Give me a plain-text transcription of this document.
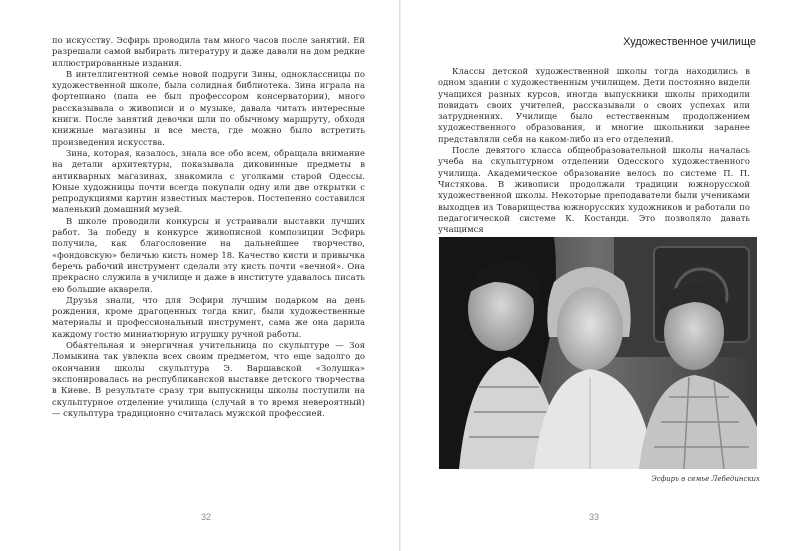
по искусству. Эсфирь проводила там много часов после занятий. Ей разрешали самой выбирать литературу и даже давали на дом редкие иллюстрированные издания.

В интеллигентной семье новой подруги Зины, одноклассницы по художественной школе, была солидная библиотека. Зина играла на фортепиано (папа ее был профессором консерватории), много рассказывала о живописи и о музыке, давала читать интересные книги. После занятий девочки шли по обычному маршруту, обходя книжные магазины и все места, где можно было встретить произведения искусства.

Зина, которая, казалось, знала все обо всем, обращала внимание на детали архитектуры, показывала диковинные предметы в антикварных магазинах, знакомила с уголками старой Одессы. Юные художницы почти всегда покупали одну или две открытки с репродукциями картин известных мастеров. Постепенно составился маленький домашний музей.

В школе проводили конкурсы и устраивали выставки лучших работ. За победу в конкурсе живописной композиции Эсфирь получила, как благословение на дальнейшее творчество, «фондовскую» беличью кисть номер 18. Качество кисти и привычка беречь рабочий инструмент сделали эту кисть почти «вечной». Она прекрасно служила в училище и даже в институте удавалось писать ею большие акварели.

Друзья знали, что для Эсфири лучшим подарком на день рождения, кроме драгоценных тогда книг, были художественные материалы и профессиональный инструмент, сама же она дарила каждому гостю миниатюрную игрушку ручной работы.

Обаятельная и энергичная учительница по скульптуре — Зоя Ломыкина так увлекла всех своим предметом, что еще задолго до окончания школы скульптура Э. Варшавской «Золушка» экспонировалась на республиканской выставке детского творчества в Киеве. В результате сразу три выпускницы школы поступили на скульптурное отделение училища (случай в то время невероятный) — скульптура традиционно считалась мужской профессией.

32
Художественное училище

Классы детской художественной школы тогда находились в одном здании с художественным училищем. Дети постоянно видели учащихся разных курсов, иногда выпускники школы приходили повидать своих учителей, рассказывали о своих успехах или затруднениях. Училище было естественным продолжением художественного образования, и многие школьники заранее представляли себя на каком-либо из его отделений.

После девятого класса общеобразовательной школы началась учеба на скульптурном отделении Одесского художественного училища. Академическое образование велось по системе П. П. Чистякова. В живописи продолжали традиции южнорусской художественной школы. Некоторые преподаватели были учениками выходцев из Товарищества южнорусских художников и работали по педагогической системе К. Костанди. Это позволяло давать учащимся

Эсфирь в семье Лебединских
33
